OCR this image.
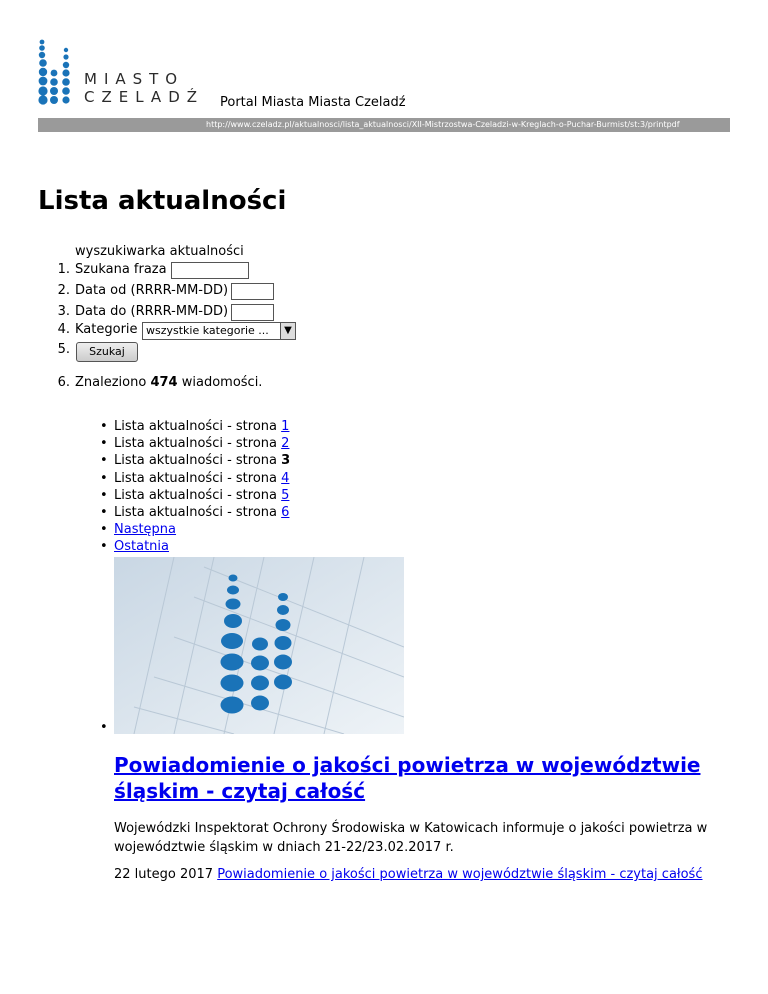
MIASTO
CZELADŹ Portal Miasta Miasta Czeladź
http://www.czeladz.pl/aktualnosci/lista_aktualnosci/XII-Mistrzostwa-Czeladzi-w-Kreglach-o-Puchar-Burmist/st:3/printpdf
Lista aktualności
wyszukiwarka aktualności
1. Szukana fraza
2. Data od (RRRR-MM-DD)
3. Data do (RRRR-MM-DD)
4. Kategorie wszystkie kategorie ...	▼
5.	Szukaj
6. Znaleziono 474 wiadomości.
• Lista aktualności - strona 1
• Lista aktualności - strona 2
• Lista aktualności - strona 3
• Lista aktualności - strona 4
• Lista aktualności - strona 5
• Lista aktualności - strona 6
• Następna
• Ostatnia
•
Powiadomienie o jakości powietrza w województwie śląskim - czytaj całość
Wojewódzki Inspektorat Ochrony Środowiska w Katowicach informuje o jakości powietrza w województwie śląskim w dniach 21-22/23.02.2017 r.
22 lutego 2017 Powiadomienie o jakości powietrza w województwie śląskim - czytaj całość
